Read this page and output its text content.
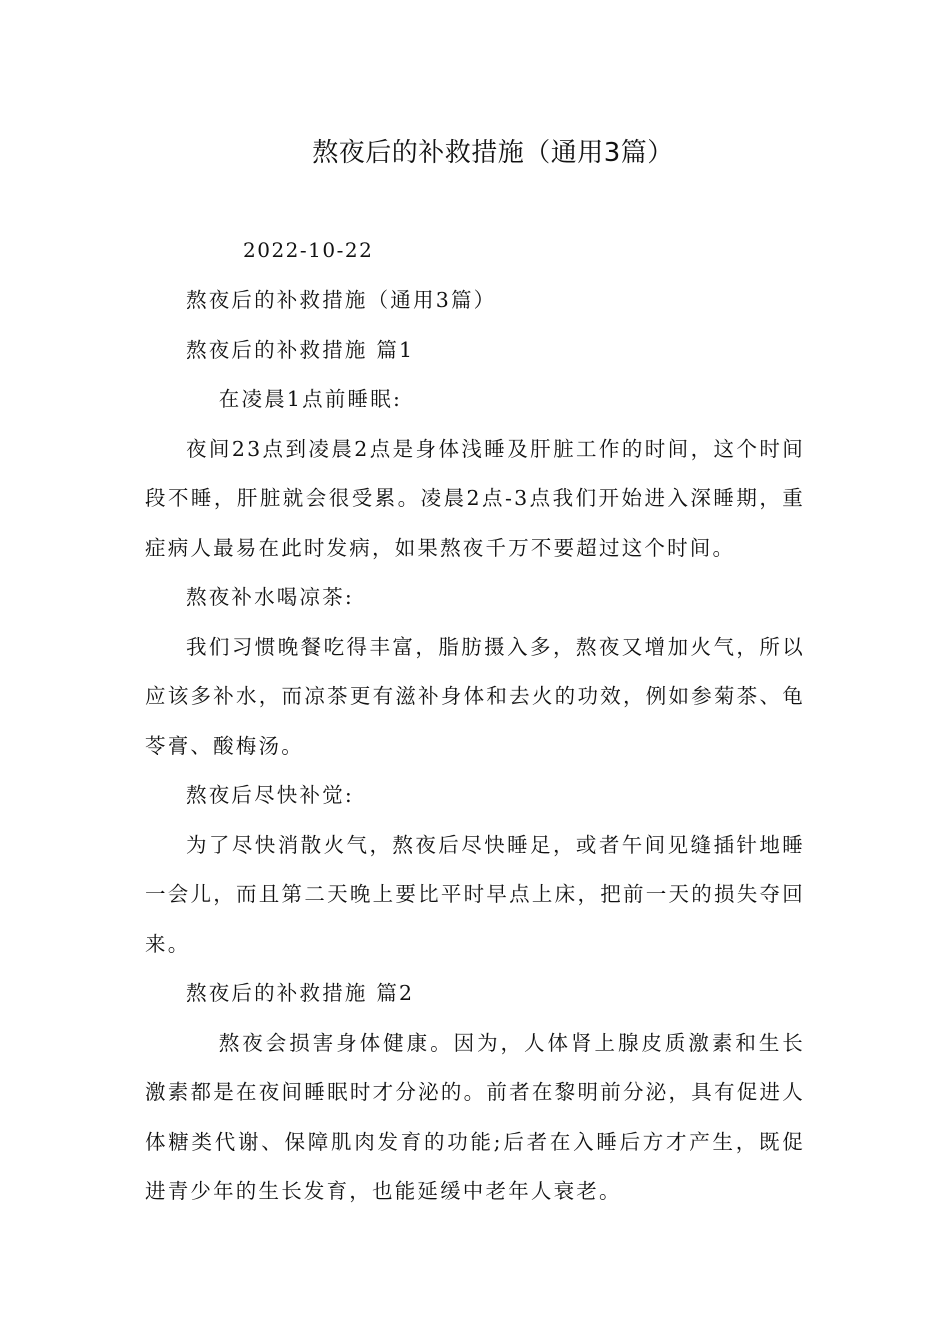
熬夜后的补救措施（通用3篇）
2022-10-22

熬夜后的补救措施（通用3篇）

熬夜后的补救措施 篇1

在凌晨1点前睡眠:

夜间23点到凌晨2点是身体浅睡及肝脏工作的时间，这个时间段不睡，肝脏就会很受累。凌晨2点-3点我们开始进入深睡期，重症病人最易在此时发病，如果熬夜千万不要超过这个时间。

熬夜补水喝凉茶:

我们习惯晚餐吃得丰富，脂肪摄入多，熬夜又增加火气，所以应该多补水，而凉茶更有滋补身体和去火的功效，例如参菊茶、龟苓膏、酸梅汤。

熬夜后尽快补觉:

为了尽快消散火气，熬夜后尽快睡足，或者午间见缝插针地睡一会儿，而且第二天晚上要比平时早点上床，把前一天的损失夺回来。

熬夜后的补救措施 篇2

熬夜会损害身体健康。因为，人体肾上腺皮质激素和生长激素都是在夜间睡眠时才分泌的。前者在黎明前分泌，具有促进人体糖类代谢、保障肌肉发育的功能;后者在入睡后方才产生，既促进青少年的生长发育，也能延缓中老年人衰老。
